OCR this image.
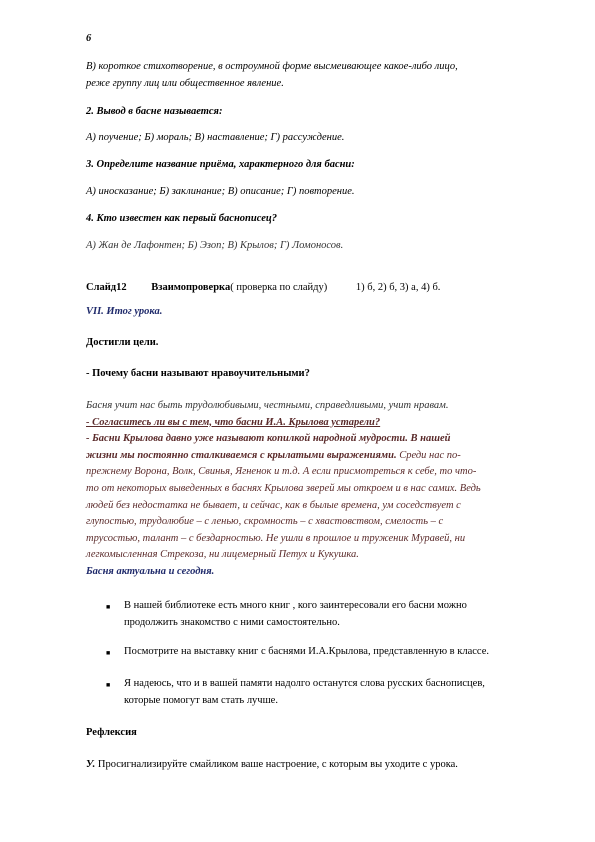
6
В) короткое стихотворение, в остроумной форме высмеивающее какое-либо лицо,
реже группу лиц или общественное явление.
2. Вывод в басне называется:
А) поучение; Б) мораль; В) наставление; Г) рассуждение.
3. Определите название приёма, характерного для басни:
А) иносказание; Б) заклинание; В) описание; Г) повторение.
4. Кто известен как первый баснописец?
А) Жан де Лафонтен; Б) Эзоп; В) Крылов; Г) Ломоносов.
Слайд12 Взаимопроверка( проверка по слайду)	1) б, 2) б, 3) а, 4) б.
VII. Итог урока.
Достигли цели.
- Почему басни называют нравоучительными?
Басня учит нас быть трудолюбивыми, честными, справедливыми, учит нравам.
- Согласитесь ли вы с тем, что басни И.А. Крылова устарели?
- Басни Крылова давно уже называют копилкой народной мудрости. В нашей
жизни мы постоянно сталкиваемся с крылатыми выражениями. Среди нас по-
прежнему Ворона, Волк, Свинья, Ягненок и т.д. А если присмотреться к себе, то что-
то от некоторых выведенных в баснях Крылова зверей мы откроем и в нас самих. Ведь
людей без недостатка не бывает, и сейчас, как в былые времена, ум соседствует с
глупостью, трудолюбие – с ленью, скромность – с хвастовством, смелость – с
трусостью, талант – с бездарностью. Не ушли в прошлое и труженик Муравей, ни
легкомысленная Стрекоза, ни лицемерный Петух и Кукушка.
Басня актуальна и сегодня.
■ В нашей библиотеке есть много книг , кого заинтересовали его басни можно
продолжить знакомство с ними самостоятельно.
■ Посмотрите на выставку книг с баснями И.А.Крылова, представленную в классе.
■ Я надеюсь, что и в вашей памяти надолго останутся слова русских баснописцев,
которые помогут вам стать лучше.
Рефлексия
У. Просигнализируйте смайликом ваше настроение, с которым вы уходите с урока.
